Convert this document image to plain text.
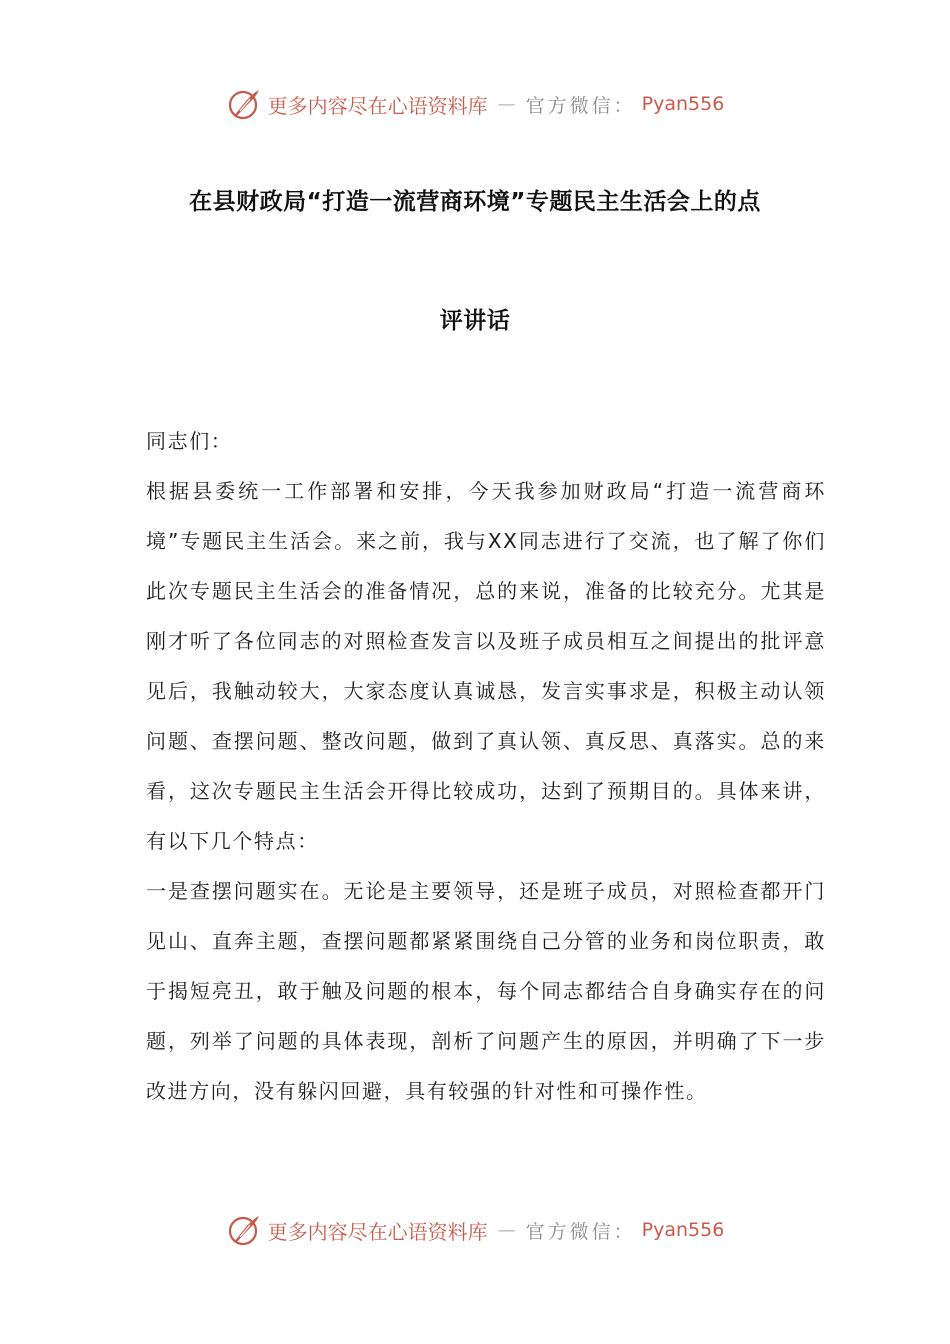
更多内容尽在心语资料库 — 官方微信： Pyan556
在县财政局“打造一流营商环境”专题民主生活会上的点
评讲话

同志们：

根据县委统一工作部署和安排，今天我参加财政局“打造一流营商环境”专题民主生活会。来之前，我与XX同志进行了交流，也了解了你们此次专题民主生活会的准备情况，总的来说，准备的比较充分。尤其是刚才听了各位同志的对照检查发言以及班子成员相互之间提出的批评意见后，我触动较大，大家态度认真诚恳，发言实事求是，积极主动认领问题、查摆问题、整改问题，做到了真认领、真反思、真落实。总的来看，这次专题民主生活会开得比较成功，达到了预期目的。具体来讲，有以下几个特点：

一是查摆问题实在。无论是主要领导，还是班子成员，对照检查都开门见山、直奔主题，查摆问题都紧紧围绕自己分管的业务和岗位职责，敢于揭短亮丑，敢于触及问题的根本，每个同志都结合自身确实存在的问题，列举了问题的具体表现，剖析了问题产生的原因，并明确了下一步改进方向，没有躲闪回避，具有较强的针对性和可操作性。

更多内容尽在心语资料库 — 官方微信： Pyan556
